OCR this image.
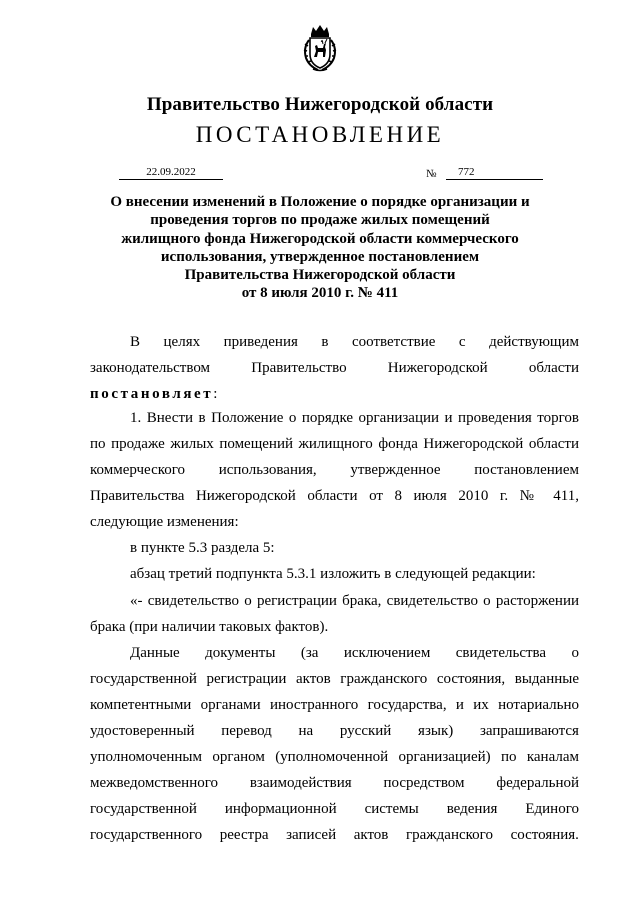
Правительство Нижегородской области
ПОСТАНОВЛЕНИЕ
22.09.2022	№	772
О внесении изменений в Положение о порядке организации и
проведения торгов по продаже жилых помещений
жилищного фонда Нижегородской области коммерческого
использования, утвержденное постановлением
Правительства Нижегородской области
от 8 июля 2010 г. № 411
В целях приведения в соответствие с действующим
законодательством	Правительство	Нижегородской	области
постановляет:
1. Внести в Положение о порядке организации и проведения торгов
по продаже жилых помещений жилищного фонда Нижегородской области
коммерческого использования, утвержденное постановлением
Правительства Нижегородской области от 8 июля 2010 г. № 411,
следующие изменения:
в пункте 5.3 раздела 5:
абзац третий подпункта 5.3.1 изложить в следующей редакции:
«- свидетельство о регистрации брака, свидетельство о расторжении
брака (при наличии таковых фактов).
Данные документы (за исключением свидетельства о
государственной регистрации актов гражданского состояния, выданные
компетентными органами иностранного государства, и их нотариально
удостоверенный перевод на русский язык) запрашиваются
уполномоченным органом (уполномоченной организацией) по каналам
межведомственного взаимодействия посредством федеральной
государственной информационной системы ведения Единого
государственного реестра записей актов гражданского состояния.
